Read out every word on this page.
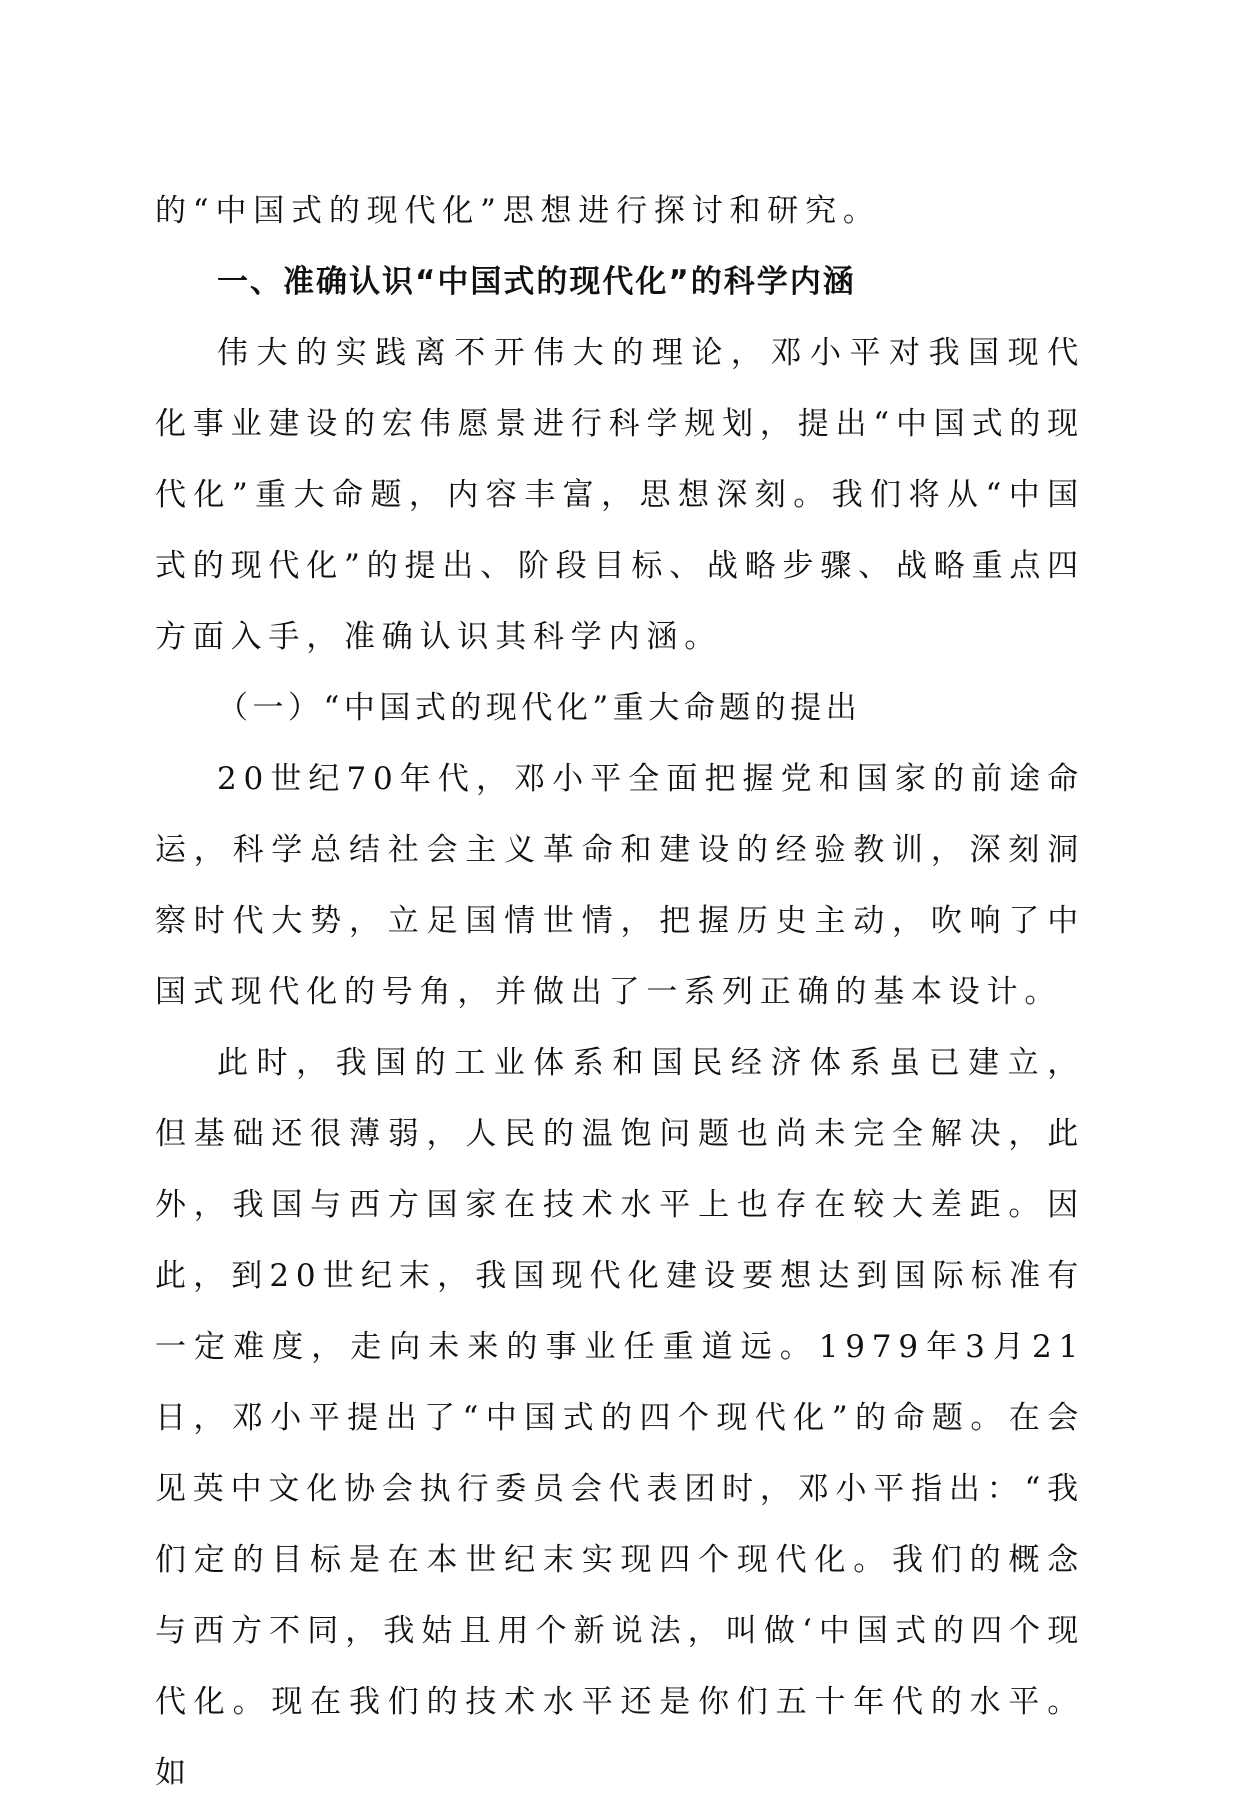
的“中国式的现代化”思想进行探讨和研究。

一、准确认识“中国式的现代化”的科学内涵

伟大的实践离不开伟大的理论，邓小平对我国现代化事业建设的宏伟愿景进行科学规划，提出“中国式的现代化”重大命题，内容丰富，思想深刻。我们将从“中国式的现代化”的提出、阶段目标、战略步骤、战略重点四方面入手，准确认识其科学内涵。

（一）“中国式的现代化”重大命题的提出

20世纪70年代，邓小平全面把握党和国家的前途命运，科学总结社会主义革命和建设的经验教训，深刻洞察时代大势，立足国情世情，把握历史主动，吹响了中国式现代化的号角，并做出了一系列正确的基本设计。

此时，我国的工业体系和国民经济体系虽已建立，但基础还很薄弱，人民的温饱问题也尚未完全解决，此外，我国与西方国家在技术水平上也存在较大差距。因此，到20世纪末，我国现代化建设要想达到国际标准有一定难度，走向未来的事业任重道远。1979年3月21日，邓小平提出了“中国式的四个现代化”的命题。在会见英中文化协会执行委员会代表团时，邓小平指出：“我们定的目标是在本世纪末实现四个现代化。我们的概念与西方不同，我姑且用个新说法，叫做‘中国式的四个现代化。现在我们的技术水平还是你们五十年代的水平。如
